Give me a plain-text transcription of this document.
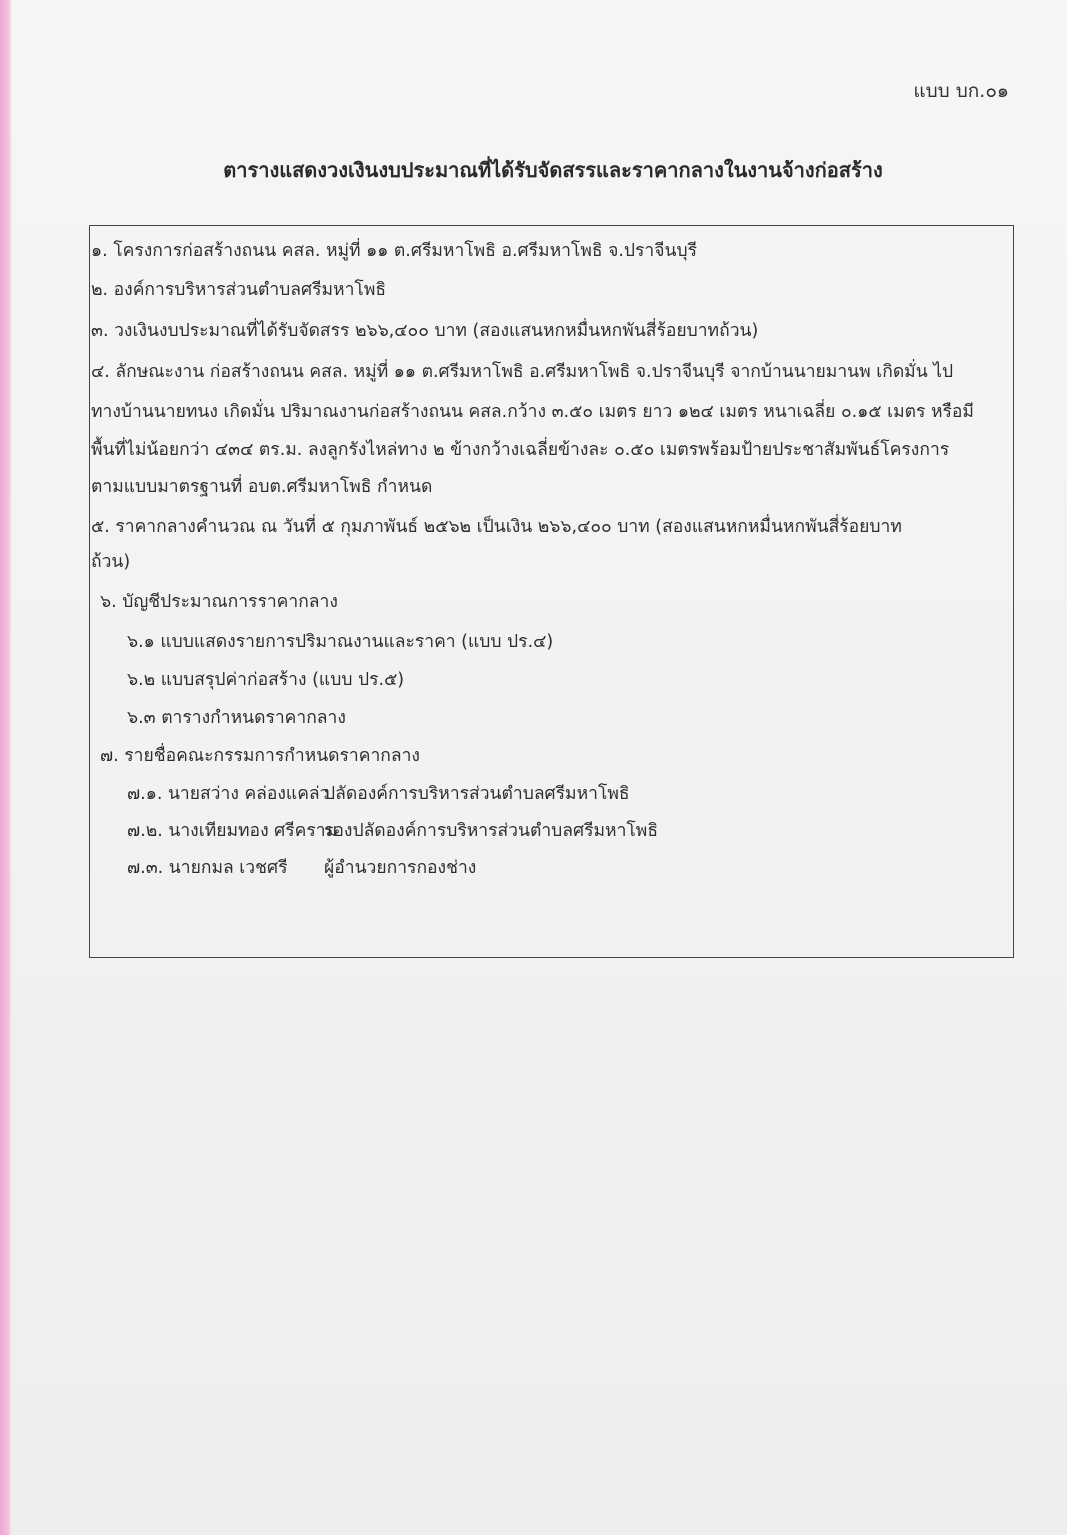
แบบ บก.๐๑
ตารางแสดงวงเงินงบประมาณที่ได้รับจัดสรรและราคากลางในงานจ้างก่อสร้าง
๑. โครงการก่อสร้างถนน คสล. หมู่ที่ ๑๑ ต.ศรีมหาโพธิ อ.ศรีมหาโพธิ จ.ปราจีนบุรี
๒. องค์การบริหารส่วนตำบลศรีมหาโพธิ
๓. วงเงินงบประมาณที่ได้รับจัดสรร ๒๖๖,๔๐๐ บาท (สองแสนหกหมื่นหกพันสี่ร้อยบาทถ้วน)
๔. ลักษณะงาน ก่อสร้างถนน คสล. หมู่ที่ ๑๑ ต.ศรีมหาโพธิ อ.ศรีมหาโพธิ จ.ปราจีนบุรี จากบ้านนายมานพ เกิดมั่น ไป
ทางบ้านนายทนง เกิดมั่น ปริมาณงานก่อสร้างถนน คสล.กว้าง ๓.๕๐ เมตร ยาว ๑๒๔ เมตร หนาเฉลี่ย ๐.๑๕ เมตร หรือมี
พื้นที่ไม่น้อยกว่า ๔๓๔ ตร.ม. ลงลูกรังไหล่ทาง ๒ ข้างกว้างเฉลี่ยข้างละ ๐.๕๐ เมตรพร้อมป้ายประชาสัมพันธ์โครงการ
ตามแบบมาตรฐานที่ อบต.ศรีมหาโพธิ กำหนด
๕. ราคากลางคำนวณ ณ วันที่ ๕ กุมภาพันธ์ ๒๕๖๒ เป็นเงิน ๒๖๖,๔๐๐ บาท (สองแสนหกหมื่นหกพันสี่ร้อยบาท
ถ้วน)
๖. บัญชีประมาณการราคากลาง
๖.๑ แบบแสดงรายการปริมาณงานและราคา (แบบ ปร.๔)
๖.๒ แบบสรุปค่าก่อสร้าง (แบบ ปร.๕)
๖.๓ ตารางกำหนดราคากลาง
๗. รายชื่อคณะกรรมการกำหนดราคากลาง
๗.๑. นายสว่าง คล่องแคล่วปลัดองค์การบริหารส่วนตำบลศรีมหาโพธิ
๗.๒. นางเทียมทอง ศรีครามรองปลัดองค์การบริหารส่วนตำบลศรีมหาโพธิ
๗.๓. นายกมล เวชศรี ผู้อำนวยการกองช่าง
